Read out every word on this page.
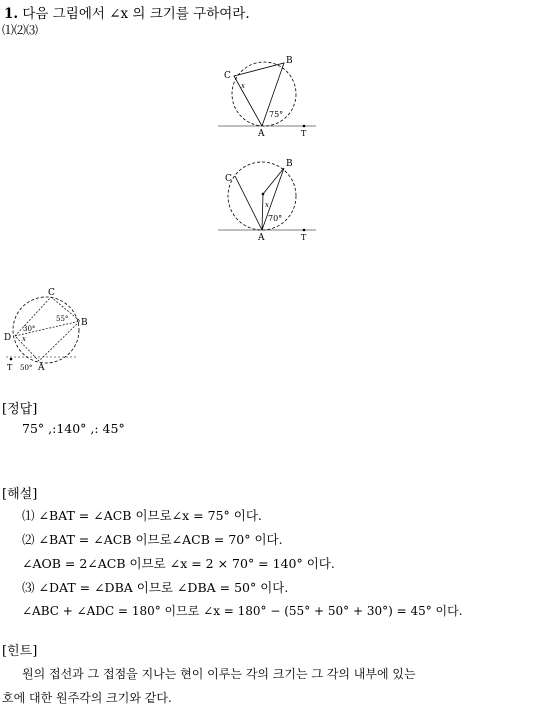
1. 다음 그림에서 ∠x 의 크기를 구하여라.
⑴⑵⑶
C
B
A	T
x
75°
C
B
A	T
x
70°
C
B
D
A
T
30°
55°
x
50°
[정답]
75° ,:140° ,: 45°
[해설]
⑴ ∠BAT = ∠ACB 이므로∠x = 75° 이다.
⑵ ∠BAT = ∠ACB 이므로∠ACB = 70° 이다.
∠AOB = 2∠ACB 이므로 ∠x = 2 × 70° = 140° 이다.
⑶ ∠DAT = ∠DBA 이므로 ∠DBA = 50° 이다.
∠ABC + ∠ADC = 180° 이므로 ∠x = 180° − (55° + 50° + 30°) = 45° 이다.
[힌트]
원의 접선과 그 접점을 지나는 현이 이루는 각의 크기는 그 각의 내부에 있는
호에 대한 원주각의 크기와 같다.
